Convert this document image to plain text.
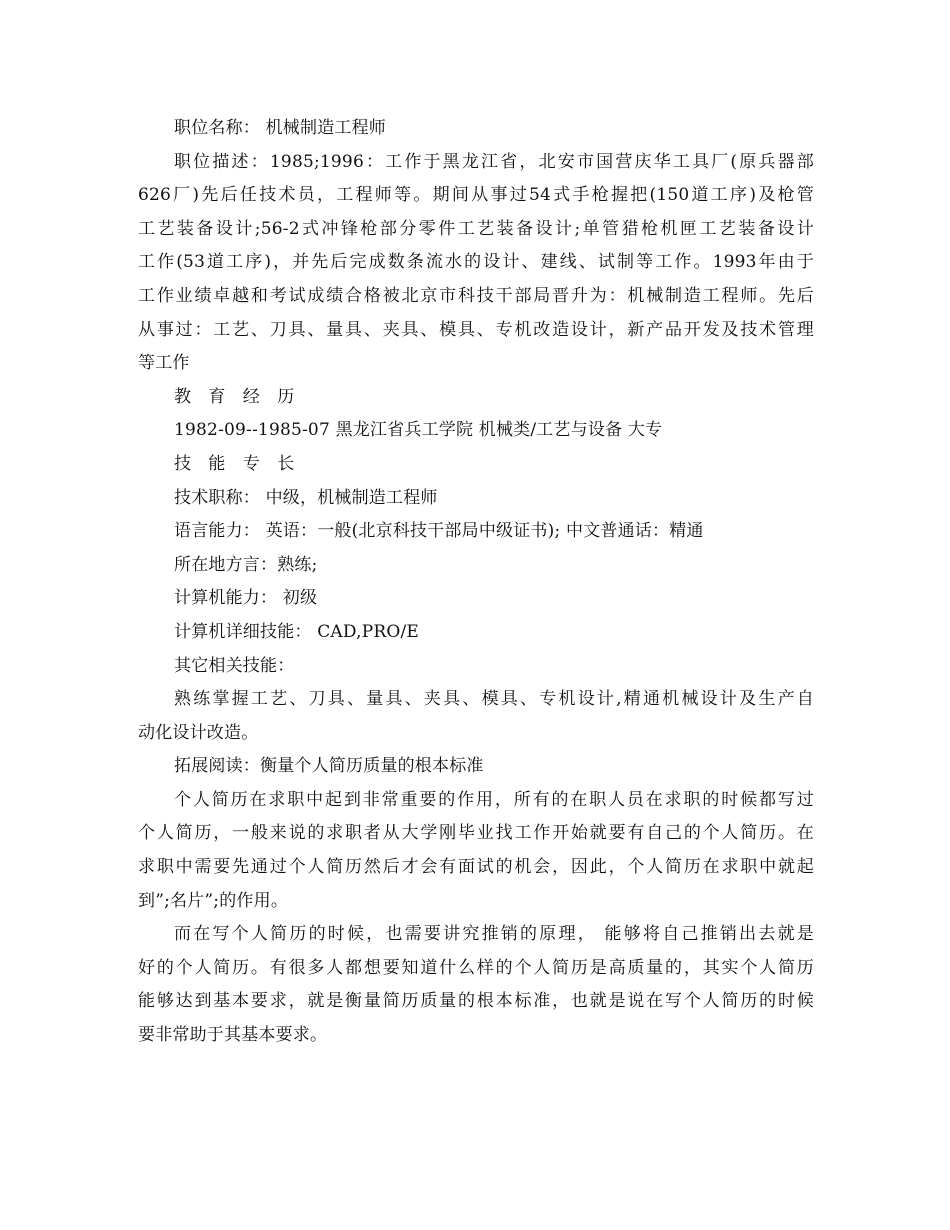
职位名称： 机械制造工程师

职位描述：1985;1996：工作于黑龙江省，北安市国营庆华工具厂(原兵器部

626厂)先后任技术员，工程师等。期间从事过54式手枪握把(150道工序)及枪管

工艺装备设计;56-2式冲锋枪部分零件工艺装备设计;单管猎枪机匣工艺装备设计

工作(53道工序)，并先后完成数条流水的设计、建线、试制等工作。1993年由于

工作业绩卓越和考试成绩合格被北京市科技干部局晋升为：机械制造工程师。先后

从事过：工艺、刀具、量具、夹具、模具、专机改造设计，新产品开发及技术管理

等工作

教 育 经 历

1982-09--1985-07 黑龙江省兵工学院 机械类/工艺与设备 大专

技 能 专 长

技术职称： 中级，机械制造工程师

语言能力： 英语：一般(北京科技干部局中级证书); 中文普通话：精通

所在地方言：熟练;

计算机能力： 初级

计算机详细技能： CAD,PRO/E

其它相关技能：

熟练掌握工艺、刀具、量具、夹具、模具、专机设计,精通机械设计及生产自

动化设计改造。

拓展阅读：衡量个人简历质量的根本标准

个人简历在求职中起到非常重要的作用，所有的在职人员在求职的时候都写过

个人简历，一般来说的求职者从大学刚毕业找工作开始就要有自己的个人简历。在

求职中需要先通过个人简历然后才会有面试的机会，因此，个人简历在求职中就起

到”;名片”;的作用。

而在写个人简历的时候，也需要讲究推销的原理， 能够将自己推销出去就是

好的个人简历。有很多人都想要知道什么样的个人简历是高质量的，其实个人简历

能够达到基本要求，就是衡量简历质量的根本标准，也就是说在写个人简历的时候

要非常助于其基本要求。
